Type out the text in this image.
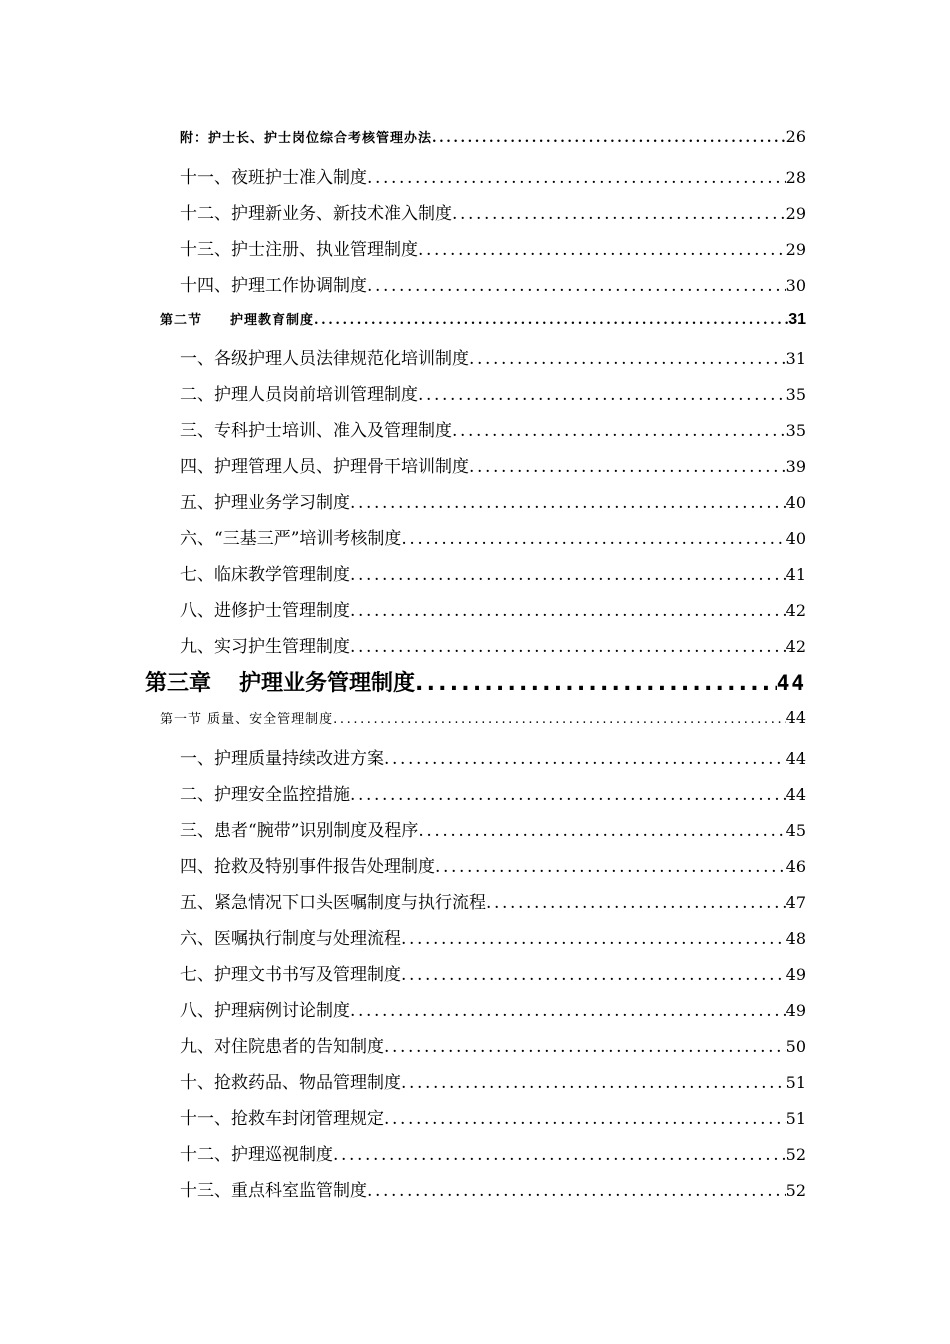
附：护士长、护士岗位综合考核管理办法 .....	26
十一、夜班护士准入制度 .....	28
十二、护理新业务、新技术准入制度 .....	29
十三、护士注册、执业管理制度 .....	29
十四、护理工作协调制度 .....	30
第二节 护理教育制度 .....	31
一、各级护理人员法律规范化培训制度 .....	31
二、护理人员岗前培训管理制度 .....	35
三、专科护士培训、准入及管理制度 .....	35
四、护理管理人员、护理骨干培训制度 .....	39
五、护理业务学习制度 .....	40
六、“三基三严”培训考核制度 .....	40
七、临床教学管理制度 .....	41
八、进修护士管理制度 .....	42
九、实习护生管理制度 .....	42
第三章 护理业务管理制度 .....	44
第一节 质量、安全管理制度 .....	44
一、护理质量持续改进方案 .....	44
二、护理安全监控措施 .....	44
三、患者“腕带”识别制度及程序 .....	45
四、抢救及特别事件报告处理制度 .....	46
五、紧急情况下口头医嘱制度与执行流程 .....	47
六、医嘱执行制度与处理流程 .....	48
七、护理文书书写及管理制度 .....	49
八、护理病例讨论制度 .....	49
九、对住院患者的告知制度 .....	50
十、抢救药品、物品管理制度 .....	51
十一、抢救车封闭管理规定 .....	51
十二、护理巡视制度 .....	52
十三、重点科室监管制度 .....	52
